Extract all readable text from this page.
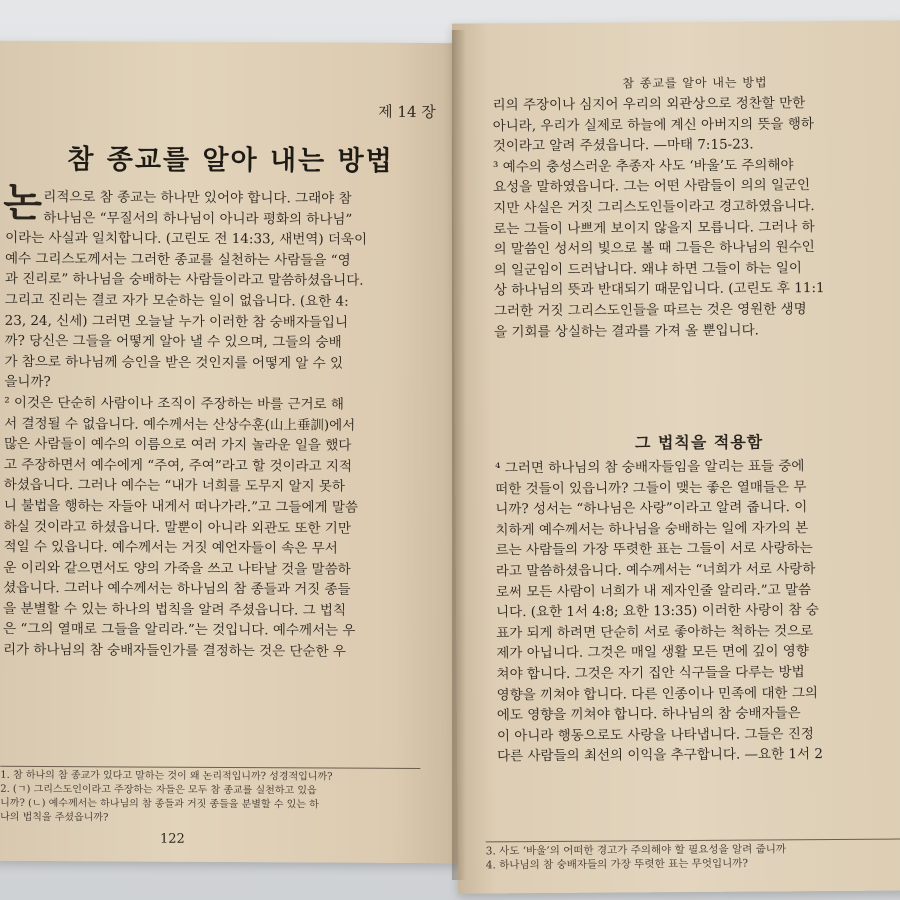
제 14 장
참 종교를 알아 내는 방법
논 리적으로 참 종교는 하나만 있어야 합니다. 그래야 참
하나님은 “무질서의 하나님이 아니라 평화의 하나님”
이라는 사실과 일치합니다. (고린도 전 14:33, 새번역) 더욱이
예수 그리스도께서는 그러한 종교를 실천하는 사람들을 “영
과 진리로” 하나님을 숭배하는 사람들이라고 말씀하셨읍니다.
그리고 진리는 결코 자가 모순하는 일이 없읍니다. (요한 4:
23, 24, 신세) 그러면 오늘날 누가 이러한 참 숭배자들입니
까? 당신은 그들을 어떻게 알아 낼 수 있으며, 그들의 숭배
가 참으로 하나님께 승인을 받은 것인지를 어떻게 알 수 있
을니까?
² 이것은 단순히 사람이나 조직이 주장하는 바를 근거로 해
서 결정될 수 없읍니다. 예수께서는 산상수훈(山上垂訓)에서
많은 사람들이 예수의 이름으로 여러 가지 놀라운 일을 했다
고 주장하면서 예수에게 “주여, 주여”라고 할 것이라고 지적
하셨읍니다. 그러나 예수는 “내가 너희를 도무지 알지 못하
니 불법을 행하는 자들아 내게서 떠나가라.”고 그들에게 말씀
하실 것이라고 하셨읍니다. 말뿐이 아니라 외관도 또한 기만
적일 수 있읍니다. 예수께서는 거짓 예언자들이 속은 무서
운 이리와 같으면서도 양의 가죽을 쓰고 나타날 것을 말씀하
셨읍니다. 그러나 예수께서는 하나님의 참 종들과 거짓 종들
을 분별할 수 있는 하나의 법칙을 알려 주셨읍니다. 그 법칙
은 “그의 열매로 그들을 알리라.”는 것입니다. 예수께서는 우
리가 하나님의 참 숭배자들인가를 결정하는 것은 단순한 우
1. 참 하나의 참 종교가 있다고 말하는 것이 왜 논리적입니까? 성경적입니까?
2. (ㄱ) 그리스도인이라고 주장하는 자들은 모두 참 종교를 실천하고 있읍
니까? (ㄴ) 예수께서는 하나님의 참 종들과 거짓 종들을 분별할 수 있는 하
나의 법칙을 주셨읍니까?
122
참 종교를 알아 내는 방법
리의 주장이나 심지어 우리의 외관상으로 정찬할 만한
아니라, 우리가 실제로 하늘에 계신 아버지의 뜻을 행하
것이라고 알려 주셨읍니다. —마태 7:15-23.
³ 예수의 충성스러운 추종자 사도 ‘바울’도 주의해야
요성을 말하였읍니다. 그는 어떤 사람들이 의의 일군인
지만 사실은 거짓 그리스도인들이라고 경고하였읍니다.
로는 그들이 나쁘게 보이지 않을지 모릅니다. 그러나 하
의 말씀인 성서의 빛으로 볼 때 그들은 하나님의 원수인
의 일군임이 드러납니다. 왜냐 하면 그들이 하는 일이
상 하나님의 뜻과 반대되기 때문입니다. (고린도 후 11:1
그러한 거짓 그리스도인들을 따르는 것은 영원한 생명
을 기회를 상실하는 결과를 가져 올 뿐입니다.
그 법칙을 적용함
⁴ 그러면 하나님의 참 숭배자들임을 알리는 표들 중에
떠한 것들이 있읍니까? 그들이 맺는 좋은 열매들은 무
니까? 성서는 “하나님은 사랑”이라고 알려 줍니다. 이
치하게 예수께서는 하나님을 숭배하는 일에 자가의 본
르는 사람들의 가장 뚜렷한 표는 그들이 서로 사랑하는
라고 말씀하셨읍니다. 예수께서는 “너희가 서로 사랑하
로써 모든 사람이 너희가 내 제자인줄 알리라.”고 말씀
니다. (요한 1서 4:8; 요한 13:35) 이러한 사랑이 참 숭
표가 되게 하려면 단순히 서로 좋아하는 척하는 것으로
제가 아닙니다. 그것은 매일 생활 모든 면에 깊이 영향
쳐야 합니다. 그것은 자기 집안 식구들을 다루는 방법
영향을 끼쳐야 합니다. 다른 인종이나 민족에 대한 그의
에도 영향을 끼쳐야 합니다. 하나님의 참 숭배자들은
이 아니라 행동으로도 사랑을 나타냅니다. 그들은 진정
다른 사람들의 최선의 이익을 추구합니다. —요한 1서 2
3. 사도 ‘바울’의 어떠한 경고가 주의해야 할 필요성을 알려 줍니까
4. 하나님의 참 숭배자들의 가장 뚜렷한 표는 무엇입니까?
